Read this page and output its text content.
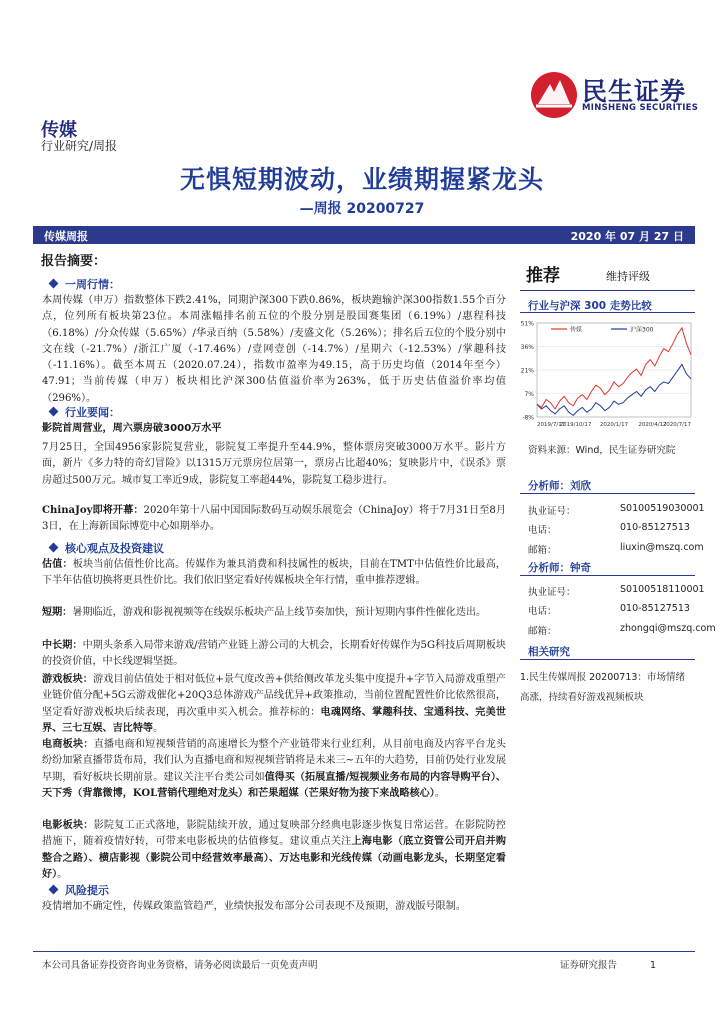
民生证券
MINSHENG SECURITIES
传媒
行业研究/周报
无惧短期波动，业绩期握紧龙头
—周报 20200727
传媒周报	2020 年 07 月 27 日
报告摘要：
一周行情：
本周传媒（申万）指数整体下跌2.41%，同期沪深300下跌0.86%，板块跑输沪深300指数1.55个百分点，位列所有板块第23位。本周涨幅排名前五位的个股分别是股国赛集团（6.19%）/惠程科技（6.18%）/分众传媒（5.65%）/华录百纳（5.58%）/麦盛文化（5.26%）；排名后五位的个股分别中文在线（-21.7%）/浙江广厦（-17.46%）/壹网壹创（-14.7%）/星期六（-12.53%）/掌趣科技（-11.16%）。截至本周五（2020.07.24），指数市盈率为49.15，高于历史均值（2014年至今）47.91；当前传媒（申万）板块相比沪深300估值溢价率为263%，低于历史估值溢价率均值（296%）。
行业要闻：
影院首周营业，周六票房破3000万水平
7月25日，全国4956家影院复营业，影院复工率提升至44.9%，整体票房突破3000万水平。影片方面，新片《多力特的奇幻冒险》以1315万元票房位居第一，票房占比超40%；复映影片中，《误杀》票房超过500万元。城市复工率近9成，影院复工率超44%，影院复工稳步进行。
ChinaJoy即将开幕：2020年第十八届中国国际数码互动娱乐展览会（ChinaJoy）将于7月31日至8月3日，在上海新国际博览中心如期举办。
核心观点及投资建议
估值：板块当前估值性价比高。传媒作为兼具消费和科技属性的板块，目前在TMT中估值性价比最高，下半年估值切换将更具性价比。我们依旧坚定看好传媒板块全年行情，重申推荐逻辑。
短期：暑期临近，游戏和影视视频等在线娱乐板块产品上线节奏加快，预计短期内事件性催化迭出。
中长期：中期头条系入局带来游戏/营销产业链上游公司的大机会，长期看好传媒作为5G科技后周期板块的投资价值，中长线逻辑坚挺。
游戏板块：游戏目前估值处于相对低位+景气度改善+供给侧改革龙头集中度提升+字节入局游戏重塑产业链价值分配+5G云游戏催化+20Q3总体游戏产品线优异+政策推动，当前位置配置性价比依然很高，坚定看好游戏板块后续表现，再次重申买入机会。推荐标的：电魂网络、掌趣科技、宝通科技、完美世界、三七互娱、吉比特等。
电商板块：直播电商和短视频营销的高速增长为整个产业链带来行业红利，从目前电商及内容平台龙头纷纷加紧直播带货布局，我们认为直播电商和短视频营销将是未来三~五年的大趋势，目前仍处行业发展早期，看好板块长期前景。建议关注平台类公司如值得买（拓展直播/短视频业务布局的内容导购平台）、天下秀（背靠微博，KOL营销代理绝对龙头）和芒果超媒（芒果好物为接下来战略核心）。
电影板块：影院复工正式落地，影院陆续开放，通过复映部分经典电影逐步恢复日常运营。在影院防控措施下，随着疫情好转，可带来电影板块的估值修复。建议重点关注上海电影（底立资管公司开启并购整合之路）、横店影视（影院公司中经营效率最高）、万达电影和光线传媒（动画电影龙头，长期坚定看好）。
风险提示
疫情增加不确定性，传媒政策监管趋严，业绩快报发布部分公司表现不及预期，游戏版号限制。
推荐	维持评级
行业与沪深 300 走势比较
51%
36%
21%
7%
-8%
2019/7/17
2019/10/17 2020/1/17 2020/4/17
2020/7/17
传媒	沪深300
资料来源：Wind，民生证券研究院
分析师：刘欣
执业证号：	S0100519030001
电话：	010-85127513
邮箱：	liuxin@mszq.com
分析师：钟奇
执业证号：	S0100518110001
电话：	010-85127513
邮箱：	zhongqi@mszq.com
相关研究
1.民生传媒周报 20200713：市场情绪高涨，持续看好游戏视频板块
本公司具备证券投资咨询业务资格，请务必阅读最后一页免责声明	证券研究报告	1
